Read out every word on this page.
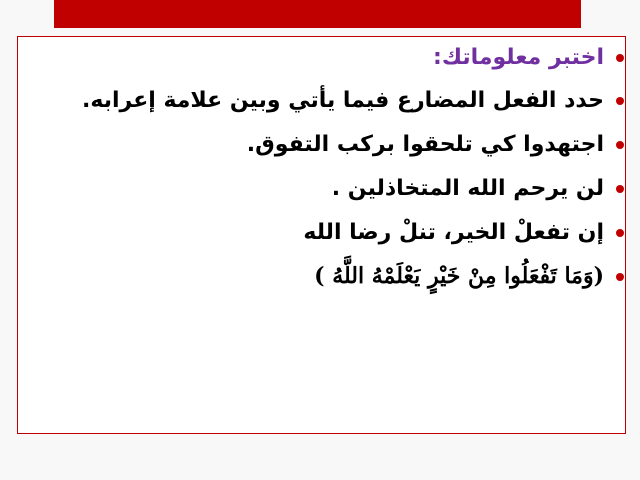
اختبر معلوماتك:
حدد الفعل المضارع فيما يأتي وبين علامة إعرابه.
اجتهدوا كي تلحقوا بركب التفوق.
لن يرحم الله المتخاذلين .
إن تفعلْ الخير، تنلْ رضا الله
(وَمَا تَفْعَلُوا مِنْ خَيْرٍ يَعْلَمْهُ اللَّهُ )
